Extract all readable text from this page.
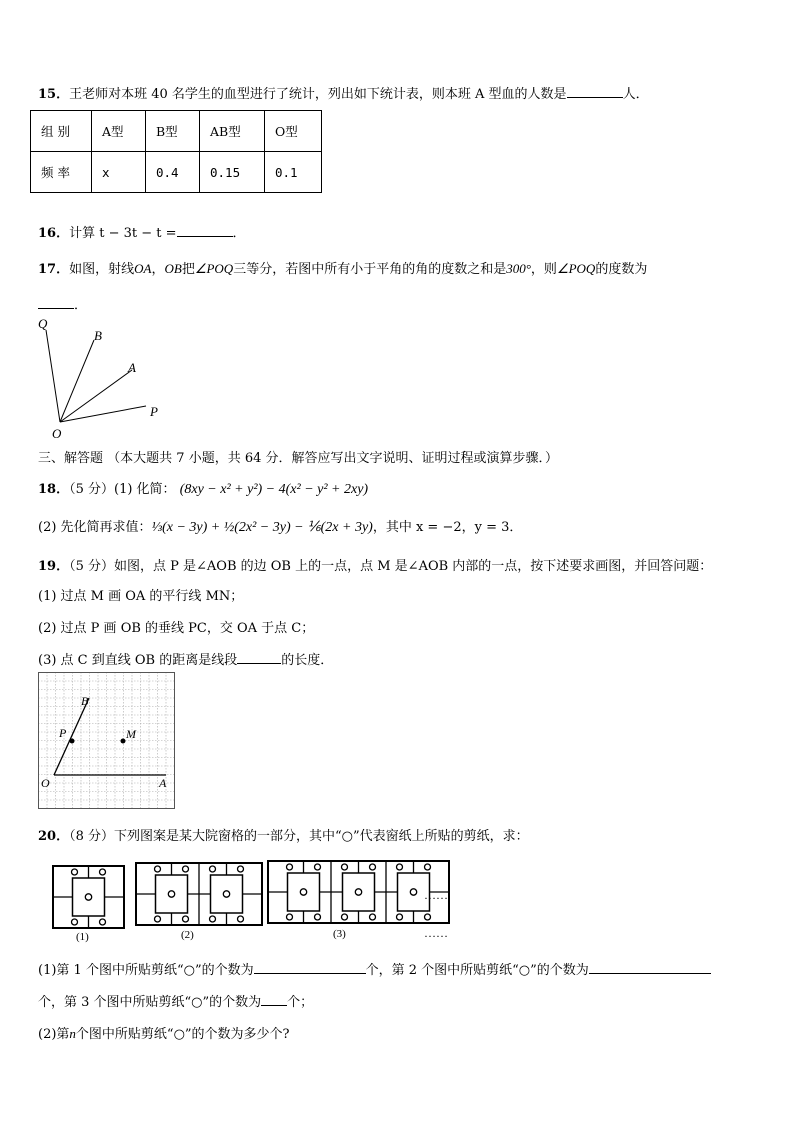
15．王老师对本班 40 名学生的血型进行了统计，列出如下统计表，则本班 A 型血的人数是	人．
组 别	A型	B型	AB型	O型
频 率	x	0.4	0.15	0.1
16．计算 t − 3t − t =	．
17．如图，射线OA，OB把∠POQ三等分，若图中所有小于平角的角的度数之和是300°，则∠POQ的度数为
．
Q
B
A
P
O
三、解答题 （本大题共 7 小题，共 64 分．解答应写出文字说明、证明过程或演算步骤．）
18．（5 分）(1) 化简： (8xy − x² + y²) − 4(x² − y² + 2xy)
(2) 先化简再求值：⅓(x − 3y) + ½(2x² − 3y) − ⅙(2x + 3y)，其中 x = −2，y = 3．
19．（5 分）如图，点 P 是∠AOB 的边 OB 上的一点，点 M 是∠AOB 内部的一点，按下述要求画图，并回答问题：
(1) 过点 M 画 OA 的平行线 MN；
(2) 过点 P 画 OB 的垂线 PC，交 OA 于点 C；
(3) 点 C 到直线 OB 的距离是线段	的长度．
B
P	M
O	A
20．（8 分）下列图案是某大院窗格的一部分，其中“○”代表窗纸上所贴的剪纸，求：
(1)	(2)	(3)
……
……
(1)第 1 个图中所贴剪纸“○”的个数为	个，第 2 个图中所贴剪纸“○”的个数为
个，第 3 个图中所贴剪纸“○”的个数为 个；
(2)第n个图中所贴剪纸“○”的个数为多少个?
